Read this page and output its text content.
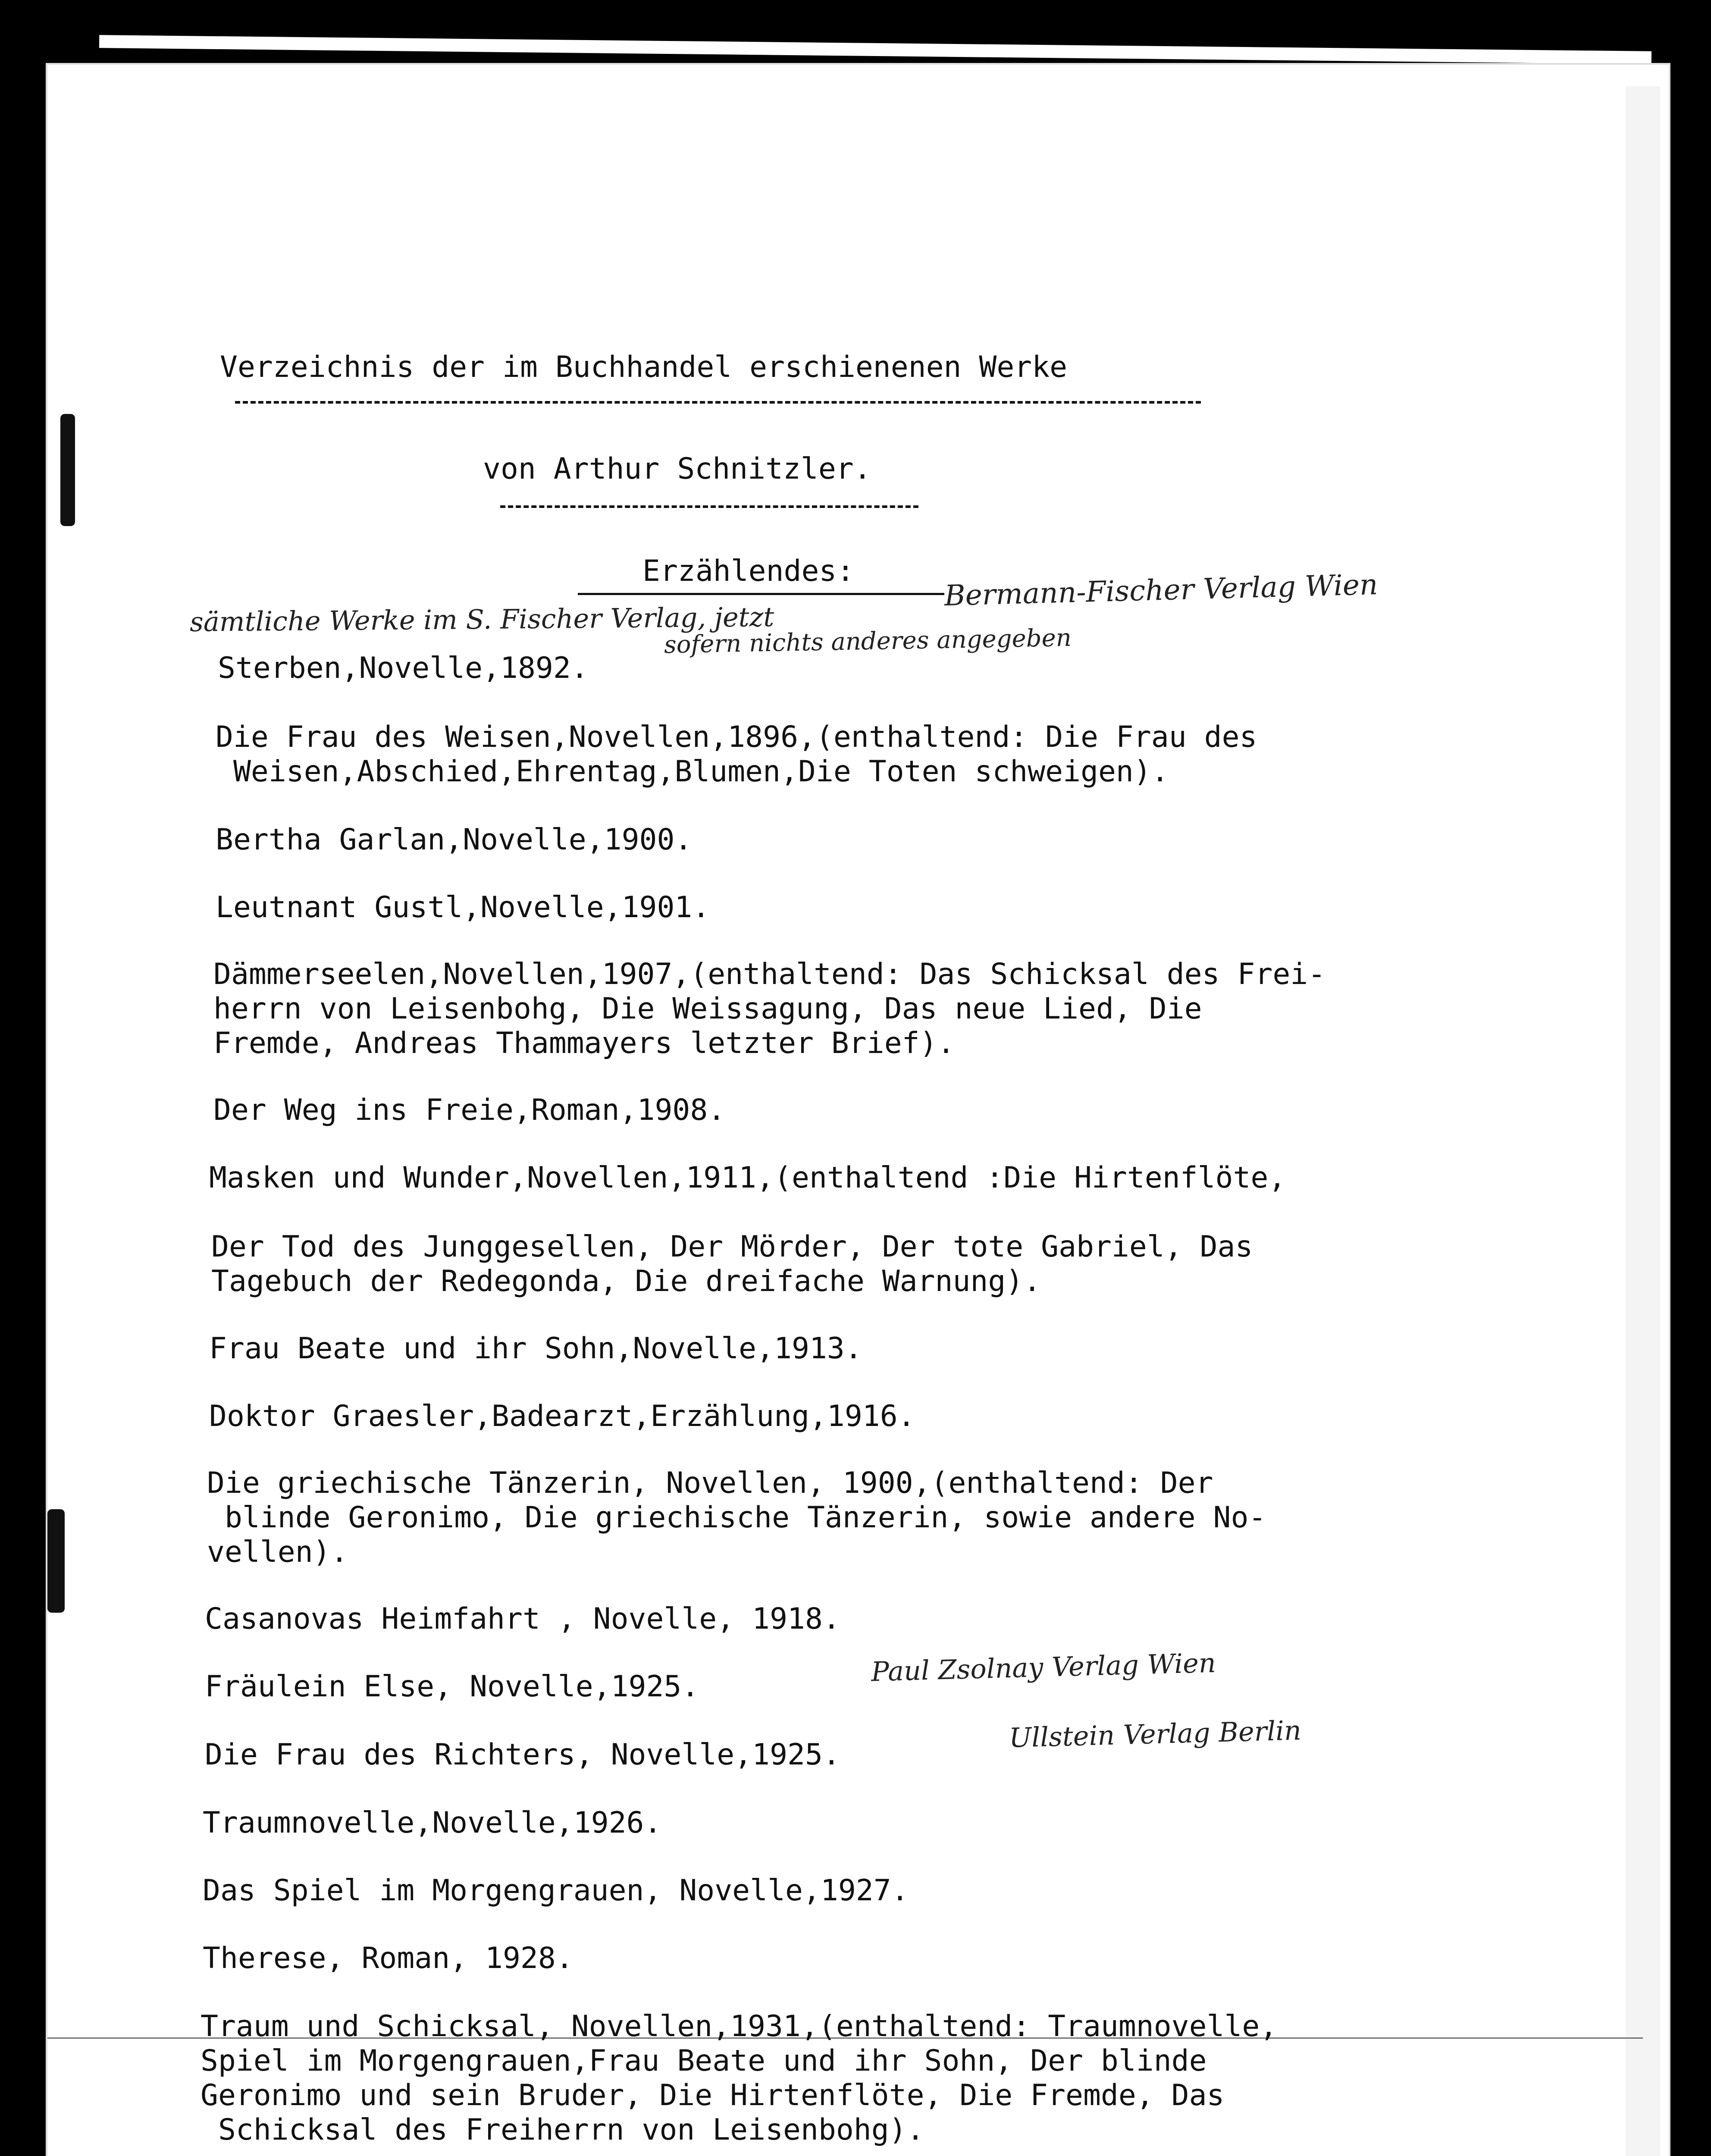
Verzeichnis der im Buchhandel erschienenen Werke
von Arthur Schnitzler.
Erzählendes:
sämtliche Werke im S. Fischer Verlag, jetzt
Bermann-Fischer Verlag Wien
sofern nichts anderes angegeben
Sterben,Novelle,1892.
Die Frau des Weisen,Novellen,1896,(enthaltend: Die Frau des
Weisen,Abschied,Ehrentag,Blumen,Die Toten schweigen).
Bertha Garlan,Novelle,1900.
Leutnant Gustl,Novelle,1901.
Dämmerseelen,Novellen,1907,(enthaltend: Das Schicksal des Frei-
herrn von Leisenbohg, Die Weissagung, Das neue Lied, Die
Fremde, Andreas Thammayers letzter Brief).
Der Weg ins Freie,Roman,1908.
Masken und Wunder,Novellen,1911,(enthaltend :Die Hirtenflöte,
Der Tod des Junggesellen, Der Mörder, Der tote Gabriel, Das
Tagebuch der Redegonda, Die dreifache Warnung).
Frau Beate und ihr Sohn,Novelle,1913.
Doktor Graesler,Badearzt,Erzählung,1916.
Die griechische Tänzerin, Novellen, 1900,(enthaltend: Der
blinde Geronimo, Die griechische Tänzerin, sowie andere No-
vellen).
Casanovas Heimfahrt , Novelle, 1918.
Fräulein Else, Novelle,1925.	Paul Zsolnay Verlag Wien
Die Frau des Richters, Novelle,1925.
Ullstein Verlag Berlin
Traumnovelle,Novelle,1926.
Das Spiel im Morgengrauen, Novelle,1927.
Therese, Roman, 1928.
Traum und Schicksal, Novellen,1931,(enthaltend: Traumnovelle,
Spiel im Morgengrauen,Frau Beate und ihr Sohn, Der blinde
Geronimo und sein Bruder, Die Hirtenflöte, Die Fremde, Das
Schicksal des Freiherrn von Leisenbohg).
